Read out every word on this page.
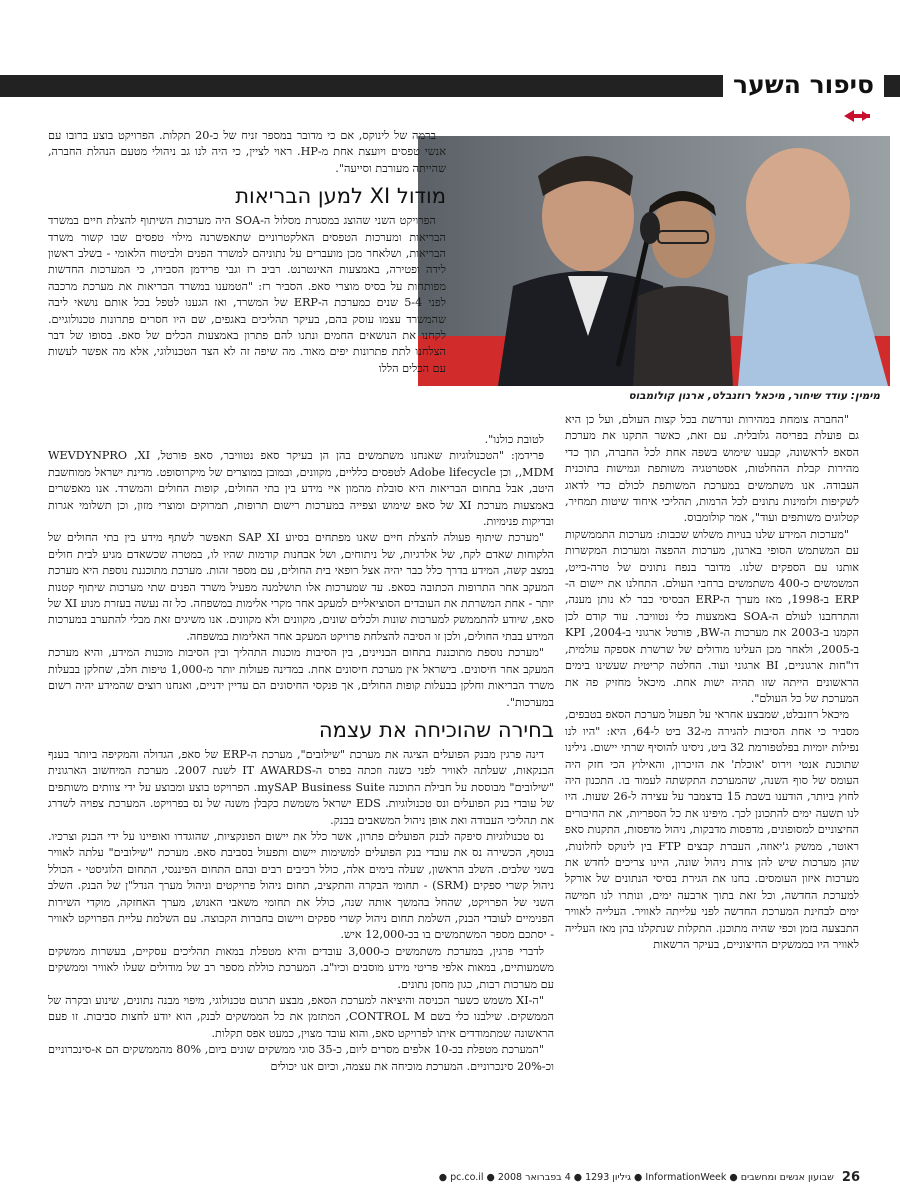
סיפור השער
מימין: עודד שיחור, מיכאל רוזנבלט, ארנון קולומבוס

ברמה של לינוקס, אם כי מדובר במספר זניח של כ-20 תקלות. הפרויקט בוצע ברובו עם אנשי טפסים ויועצת אחת מ-HP. ראוי לציין, כי היה לנו גב ניהולי מטעם הנהלת החברה, שהייתה מעורבת וסייעה".

מודול XI למען הבריאות

הפרויקט השני שהוצג במסגרת מסלול ה-SOA היה מערכות השיתוף להצלת חיים במשרד הבריאות ומערכות הטפסים האלקטרוניים שתאפשרנה מילוי טפסים שבו קשור משרד הבריאות, ושלאחר מכן מועברים על נתוניהם למשרד הפנים ולביטוח הלאומי - בשלב ראשון לידה ופטירה, באמצעות האינטרנט. רביב רז וגבי פרידמן הסבירו, כי המערכות החדשות מפותחות על בסיס מוצרי סאפ. הסביר רז: "הטמענו במשרד הבריאות את מערכת מרכבה לפני 5-4 שנים כמערכת ה-ERP של המשרד, ואז הגענו לטפל בכל אותם נושאי ליבה שהמשרד עצמו עוסק בהם, בעיקר תהליכים באגפים, שם היו חסרים פתרונות טכנולוגיים. לקחנו את הנושאים החמים ונתנו להם פתרון באמצעות הכלים של סאפ. בסופו של דבר הצלחנו לתת פתרונות יפים מאוד. מה שיפה זה לא הצד הטכנולוגי, אלא מה אפשר לעשות עם הכלים הללו

לטובת כולנו".

פרידמן: "הטכנולוגיות שאנחנו משתמשים בהן הן בעיקר סאפ נטוויבר, סאפ פורטל, WEVDYNPRO ,XI ,MDM, וכן Adobe lifecycle לטפסים כלליים, מקוונים, ובמובן במוצרים של מיקרוסופט. מדינת ישראל ממוחשבת היטב, אבל בתחום הבריאות היא סובלת מהמון איי מידע בין בתי החולים, קופות החולים והמשרד. אנו מאפשרים באמצעות מערכת XI של סאפ שימוש וצפייה במערכות רישום תרופות, תמרוקים ומוצרי מזון, וכן תשלומי אגרות ובדיקות פנימיות.

"מערכת שיתוף פעולה להצלת חיים שאנו מפתחים בסיוע SAP XI תאפשר לשתף מידע בין בתי החולים של הלקוחות שאדם לקח, של אלרגיות, של ניתוחים, ושל אבחנות קודמות שהיו לו, במטרה שכשאדם מגיע לבית חולים במצב קשה, המידע בדרך כלל כבר יהיה אצל רופאי בית החולים, עם מספר זהות. מערכת מתוכננת נוספת היא מערכת המעקב אחר התרופות הכתובה בסאפ. עד שמערכות אלו תושלמנה מפעיל משרד הפנים שתי מערכות שיתוף קטנות יותר - אחת המשרתת את העובדים הסוציאליים למעקב אחר מקרי אלימות במשפחה. כל זה נעשה בעזרת מנוע XI של סאפ, שיודע להתממשק למערכות שונות ולכלים שונים, מקוונים ולא מקוונים. אנו משיגים זאת מבלי להתערב במערכות המידע בבתי החולים, ולכן זו הסיבה להצלחת פרויקט המעקב אחר האלימות במשפחה.

"מערכת נוספת מתוכננת בתחום הבניינים, בין הסיבות מוכנות התהליך ובין הסיבות מוכנות המידע, והיא מערכת המעקב אחר חיסונים. בישראל אין מערכת חיסונים אחת. במדינה פעולות יותר מ-1,000 טיפות חלב, שחלקן בבעלות משרד הבריאות וחלקן בבעלות קופות החולים, אך פנקסי החיסונים הם עדיין ידניים, ואנחנו רוצים שהמידע יהיה רשום במערכות".

בחירה שהוכיחה את עצמה

דינה פרגין מבנק הפועלים הציגה את מערכת "שילובים", מערכת ה-ERP של סאפ, הגדולה והמקיפה ביותר בענף הבנקאות, שעלתה לאוויר לפני כשנה וזכתה בפרס ה-IT AWARDS לשנת 2007. מערכת המיחשוב הארגונית "שילובים" מבוססת על חבילת התוכנה mySAP Business Suite. הפרויקט בוצע ומבוצע על ידי צוותים משותפים של עובדי בנק הפועלים ונס טכנולוגיות. EDS ישראל משמשת כקבלן משנה של נס בפרויקט. המערכת צפויה לשדרג את תהליכי העבודה ואת אופן ניהול המשאבים בבנק.

נס טכנולוגיות סיפקה לבנק הפועלים פתרון, אשר כלל את יישום הפונקציות, שהוגדרו ואופיינו על ידי הבנק וצרכיו. בנוסף, הכשירה נס את עובדי בנק הפועלים למשימות יישום ותפעול בסביבת סאפ. מערכת "שילובים" עלתה לאוויר בשני שלבים. השלב הראשון, שעלה בימים אלה, כולל רכיבים רבים ובהם התחום הפיננסי, התחום הלוגיסטי - הכולל ניהול קשרי ספקים (SRM) - תחומי הבקרה והתקציב, תחום ניהול פרויקטים וניהול מערך הנדל"ן של הבנק. השלב השני של הפרויקט, שהחל בהמשך אותה שנה, כולל את תחומי משאבי האנוש, מערך האחזקה, מוקדי השירות הפנימיים לעובדי הבנק, השלמת תחום ניהול קשרי ספקים ויישום בחברות הקבוצה. עם השלמת עליית הפרויקט לאוויר - יסתכם מספר המשתמשים בו בכ-12,000 איש.

לדברי פרגין, במערכת משתמשים כ-3,000 עובדים והיא מטפלת במאות תהליכים עסקיים, בעשרות ממשקים משמעותיים, במאות אלפי פריטי מידע מוסבים וכיו"ב. המערכת כוללת מספר רב של מודולים שעלו לאוויר וממשקים עם מערכות רבות, כגון מחסן נתונים.

"ה-XI משמש כשער הכניסה והיציאה למערכת הסאפ, מבצע תרגום טכנולוגי, מיפוי מבנה נתונים, שינוע ובקרה של הממשקים. שילבנו כלי בשם CONTROL M, המתזמן את כל הממשקים לבנק, הוא יודע לחצות סביבות. זו פעם הראשונה שמתמודדים איתו לפרויקט סאפ, והוא עובד מצוין, כמעט אפס תקלות.

"המערכת מטפלת בכ-10 אלפים מסרים ליום, כ-35 סוגי ממשקים שונים ביום, 80% מהממשקים הם א-סינכרוניים וכ-20% סינכרוניים. המערכת מוכיחה את עצמה, וכיום אנו יכולים

"החברה צומחת במהירות ונדרשת בכל קצות העולם, ועל כן היא גם פועלת בפריסה גלובלית. עם זאת, כאשר התקנו את מערכת הסאפ לראשונה, קבענו שימוש בשפה אחת לכל החברה, תוך כדי מהירות קבלת ההחלטות, אסטרטגיה משותפת וגמישות בתוכנית העבודה. אנו משתמשים במערכת המשותפת לכולם כדי לדאוג לשקיפות ולזמינות נתונים לכל הרמות, תהליכי איחוד שיטות תמחיר, קטלוגים משותפים ועוד", אמר קולומבוס.

"מערכות המידע שלנו בנויות משלוש שכבות: מערכות התממשקות עם המשתמש הסופי בארגון, מערכות ההפצה ומערכות המקשרות אותנו עם הספקים שלנו. מדובר בנפח נתונים של טרה-בייט, המשמשים כ-400 משתמשים ברחבי העולם. התחלנו את יישום ה-ERP ב-1998, מאז מערך ה-ERP הבסיסי כבר לא נותן מענה, והתרחבנו לעולם ה-SOA באמצעות כלי נטוויבר. עוד קודם לכן הקמנו ב-2003 את מערכות ה-BW, פורטל ארגוני ב-2004, KPI ב-2005, ולאחר מכן העלינו מודולים של שרשרת אספקה עולמית, דו"חות ארגוניים, BI ארגוני ועוד. החלטה קריטית שעשינו בימים הראשונים הייתה שזו תהיה ישות אחת. מיכאל מחזיק פה את המערכת של כל העולם".

מיכאל רוזנבלט, שמבצע אחראי על תפעול מערכת הסאפ בטבפים, מסביר כי אחת הסיבות להגירה מ-32 ביט ל-64, היא: "היו לנו נפילות יומיות בפלטפורמת 32 ביט, ניסינו להוסיף שרתי יישום. גילינו שתוכנת אנטי וירוס 'אוכלת' את הזיכרון, והאילוץ הכי חזק היה העומס של סוף השנה, שהמערכת התקשתה לעמוד בו. התכנון היה לחוץ ביותר, הודענו בשבת 15 בדצמבר על עצירה ל-26 שעות. היו לנו תשעה ימים להתכונן לכך. מיפינו את כל הספריות, את החיבורים החיצוניים למסופונים, מדפסות מדבקות, ניהול מדפסות, התקנות סאפ ראוטר, ממשק ג'יאוזה, העברת קבצים FTP בין לינוקס לחלונות, שהן מערכות שיש להן צורת ניהול שונה, היינו צריכים לחדש את מערכות איזון העומסים. בחנו את הגירת בסיסי הנתונים של אורקל למערכת החדשה, וכל זאת בתוך ארבעה ימים, ונותרו לנו חמישה ימים לבחינת המערכת החדשה לפני עלייתה לאוויר. העלייה לאוויר התבצעה בזמן וכפי שהיה מתוכנן. התקלות שנתקלנו בהן מאז העלייה לאוויר היו בממשקים החיצוניים, בעיקר הרשאות

26
שבועון אנשים ומחשבים ● InformationWeek ● גיליון 1293 ● 4 בפברואר 2008 ● pc.co.il ●
